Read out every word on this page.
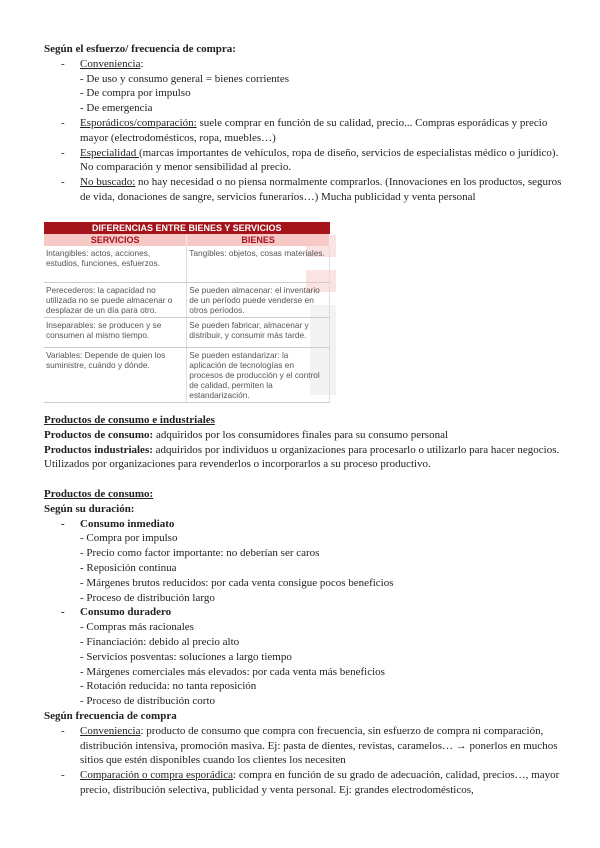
Según el esfuerzo/ frecuencia de compra:
- Conveniencia:
- De uso y consumo general = bienes corrientes
- De compra por impulso
- De emergencia
- Esporádicos/comparación: suele comprar en función de su calidad, precio... Compras esporádicas y precio mayor (electrodomésticos, ropa, muebles…)
- Especialidad (marcas importantes de vehículos, ropa de diseño, servicios de especialistas médico o jurídico). No comparación y menor sensibilidad al precio.
- No buscado: no hay necesidad o no piensa normalmente comprarlos. (Innovaciones en los productos, seguros de vida, donaciones de sangre, servicios funerarios…) Mucha publicidad y venta personal
DIFERENCIAS ENTRE BIENES Y SERVICIOS	
SERVICIOS	BIENES
Intangibles: actos, acciones, estudios, funciones, esfuerzos.	Tangibles: objetos, cosas materiales.
Perecederos: la capacidad no utilizada no se puede almacenar o desplazar de un día para otro.	Se pueden almacenar: el inventario de un período puede venderse en otros períodos.
Inseparables: se producen y se consumen al mismo tiempo.	Se pueden fabricar, almacenar y distribuir, y consumir más tarde.
Variables: Depende de quien los suministre, cuándo y dónde.	Se pueden estandarizar: la aplicación de tecnologías en procesos de producción y el control de calidad, permiten la estandarización.
Productos de consumo e industriales
Productos de consumo: adquiridos por los consumidores finales para su consumo personal
Productos industriales: adquiridos por individuos u organizaciones para procesarlo o utilizarlo para hacer negocios. Utilizados por organizaciones para revenderlos o incorporarlos a su proceso productivo.
Productos de consumo:
Según su duración:
- Consumo inmediato
- Compra por impulso
- Precio como factor importante: no deberían ser caros
- Reposición continua
- Márgenes brutos reducidos: por cada venta consigue pocos beneficios
- Proceso de distribución largo
- Consumo duradero
- Compras más racionales
- Financiación: debido al precio alto
- Servicios posventas: soluciones a largo tiempo
- Márgenes comerciales más elevados: por cada venta más beneficios
- Rotación reducida: no tanta reposición
- Proceso de distribución corto
Según frecuencia de compra
- Conveniencia: producto de consumo que compra con frecuencia, sin esfuerzo de compra ni comparación, distribución intensiva, promoción masiva. Ej: pasta de dientes, revistas, caramelos… → ponerlos en muchos sitios que estén disponibles cuando los clientes los necesiten
- Comparación o compra esporádica: compra en función de su grado de adecuación, calidad, precios…, mayor precio, distribución selectiva, publicidad y venta personal. Ej: grandes electrodomésticos,
